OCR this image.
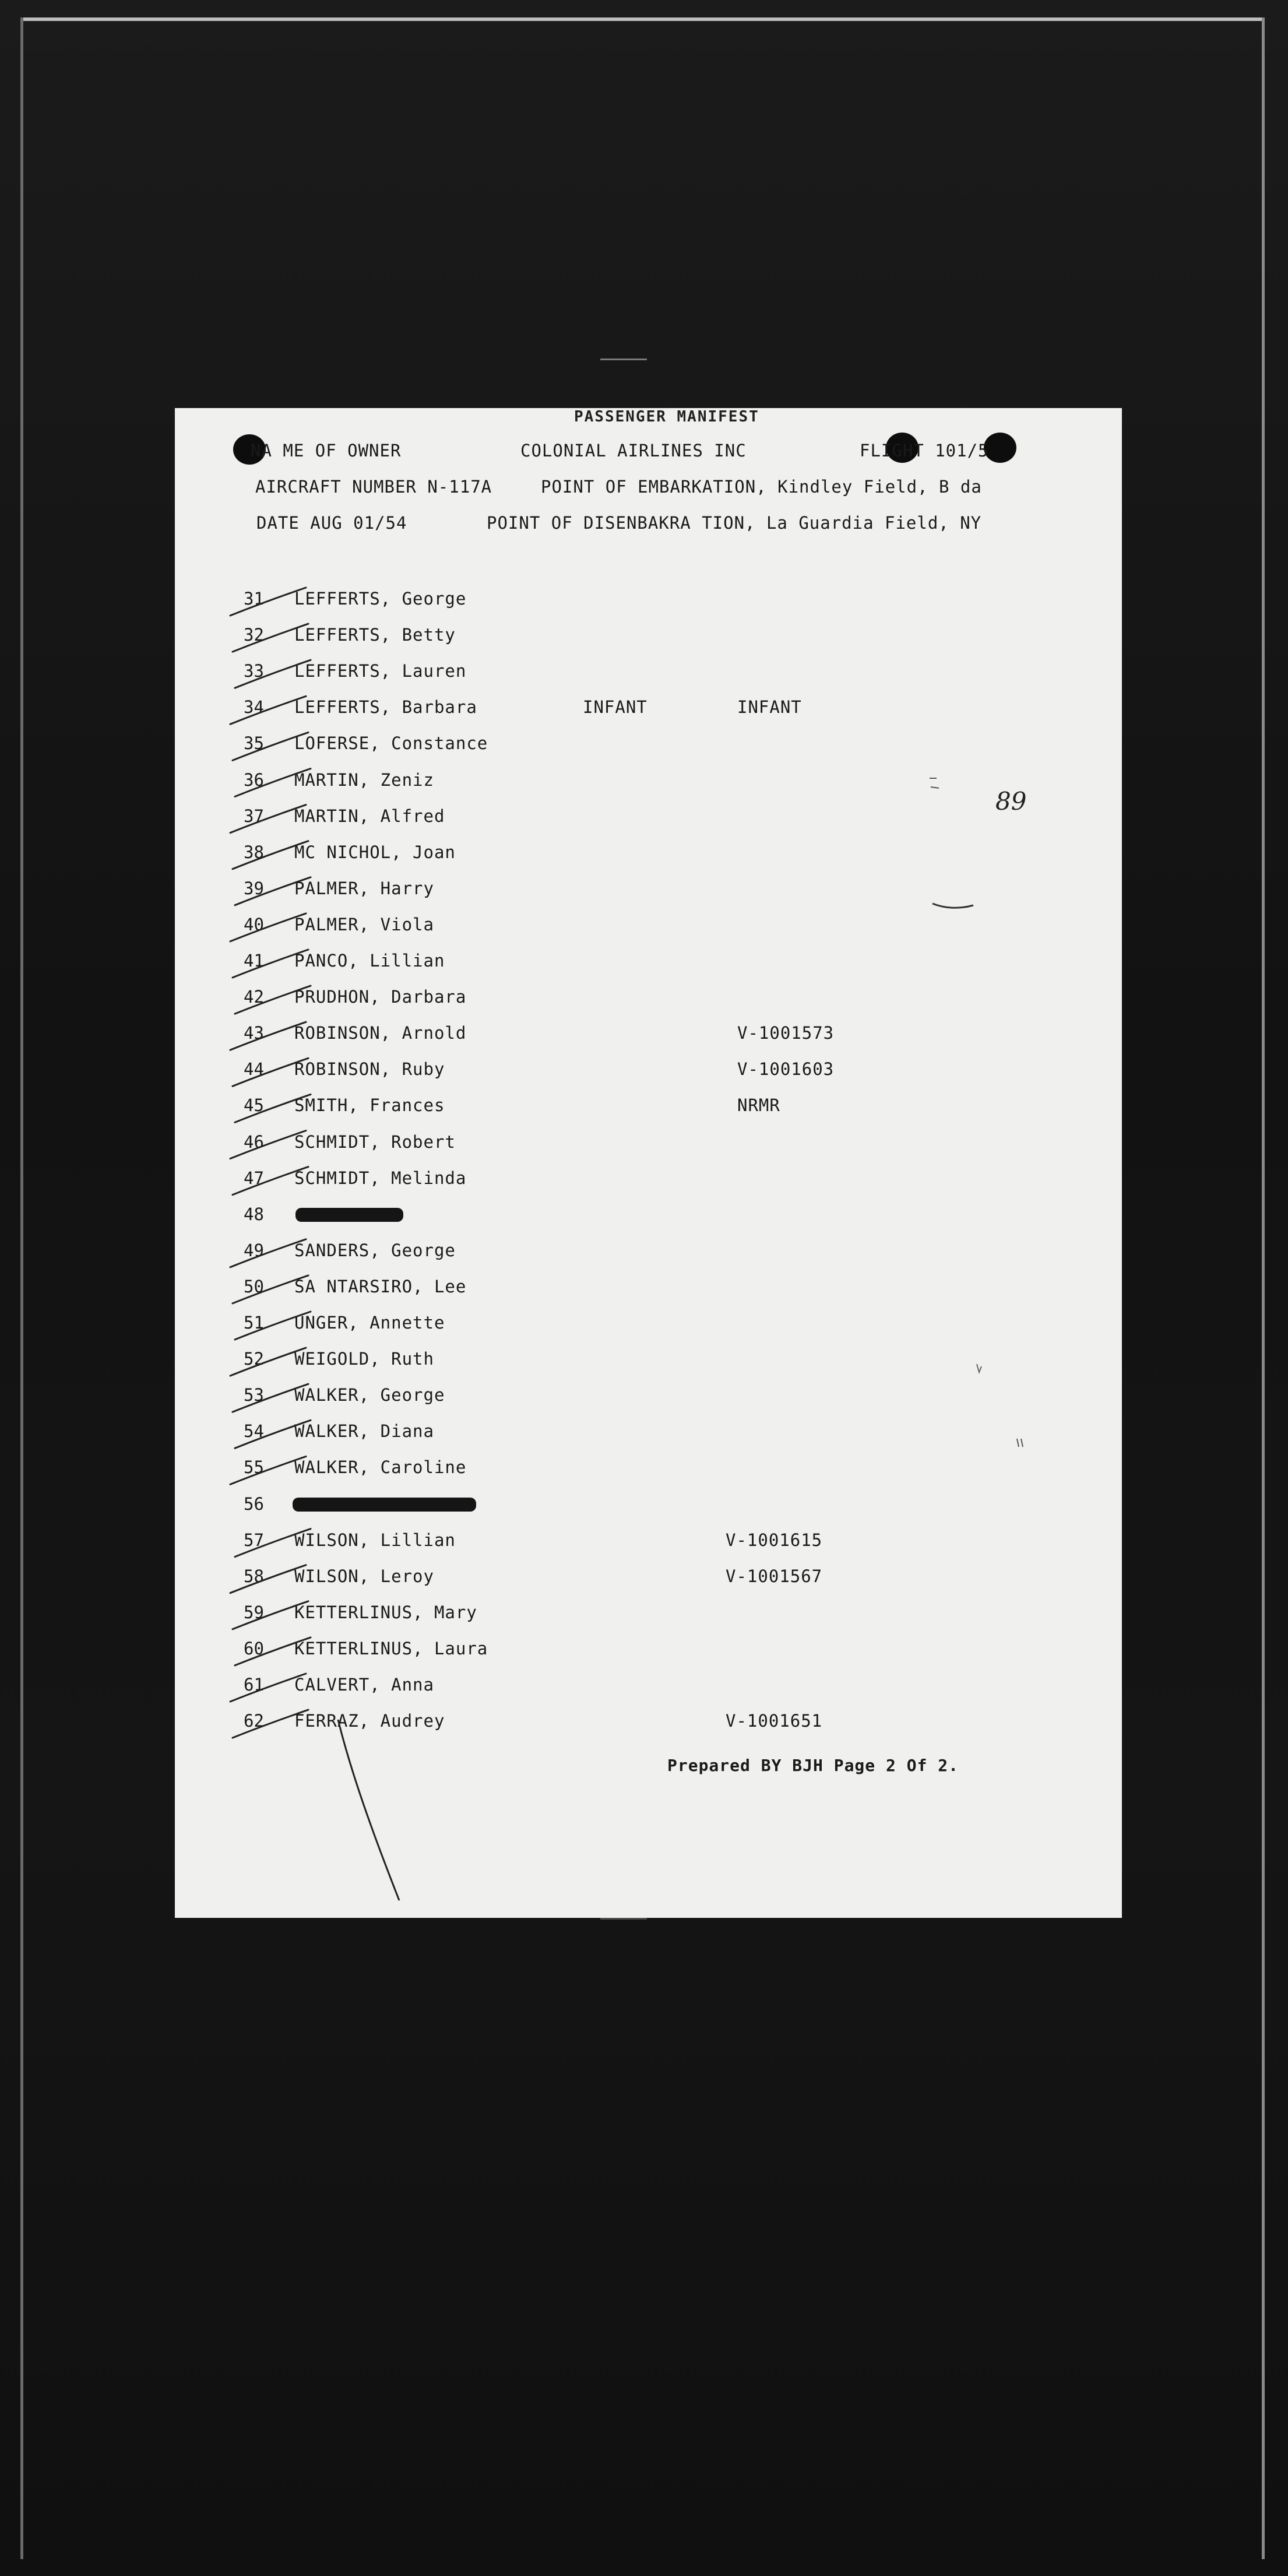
PASSENGER MANIFEST
NA ME OF OWNER	COLONIAL AIRLINES INC	FLIGHT 101/5
AIRCRAFT NUMBER N-117A	POINT OF EMBARKATION, Kindley Field, B da
DATE AUG 01/54	POINT OF DISENBAKRA TION, La Guardia Field, NY
31 LEFFERTS, George
32 LEFFERTS, Betty
33 LEFFERTS, Lauren
34 LEFFERTS, Barbara	INFANT	INFANT
35 LOFERSE, Constance
36 MARTIN, Zeniz
37 MARTIN, Alfred
38 MC NICHOL, Joan
39 PALMER, Harry
40 PALMER, Viola
41 PANCO, Lillian
42 PRUDHON, Darbara
43 ROBINSON, Arnold	V-1001573
44 ROBINSON, Ruby	V-1001603
45 SMITH, Frances	NRMR
46 SCHMIDT, Robert
47 SCHMIDT, Melinda
48
49 SANDERS, George
50 SA NTARSIRO, Lee
51 UNGER, Annette
52 WEIGOLD, Ruth
53 WALKER, George
54 WALKER, Diana
55 WALKER, Caroline
56
57 WILSON, Lillian	V-1001615
58 WILSON, Leroy	V-1001567
59 KETTERLINUS, Mary
60 KETTERLINUS, Laura
61 CALVERT, Anna
62 FERRAZ, Audrey	V-1001651
89
Prepared BY BJH Page 2 Of 2.
